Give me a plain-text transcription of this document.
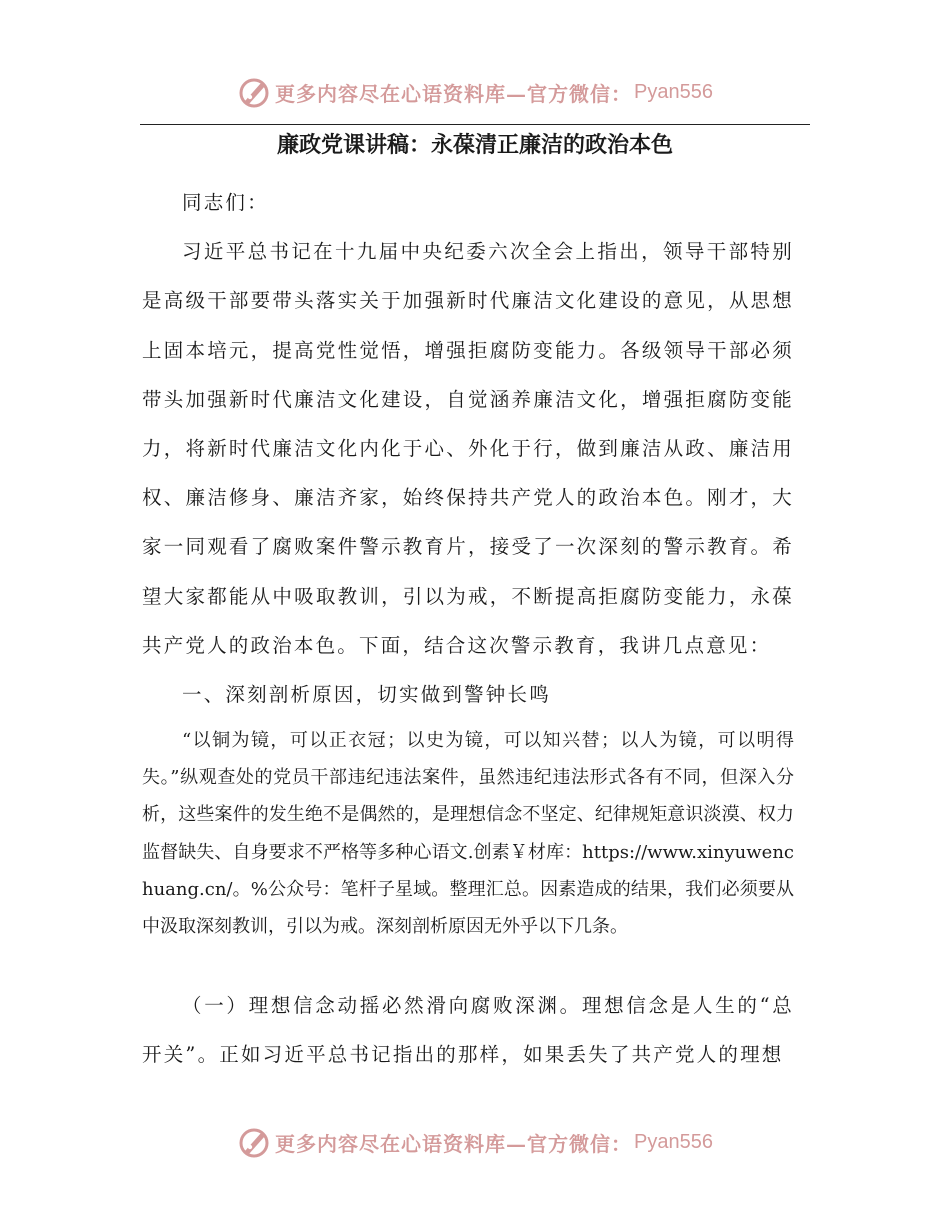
更多内容尽在心语资料库—官方微信： Pyan556
廉政党课讲稿：永葆清正廉洁的政治本色

同志们：

习近平总书记在十九届中央纪委六次全会上指出，领导干部特别是高级干部要带头落实关于加强新时代廉洁文化建设的意见，从思想上固本培元，提高党性觉悟，增强拒腐防变能力。各级领导干部必须带头加强新时代廉洁文化建设，自觉涵养廉洁文化，增强拒腐防变能力，将新时代廉洁文化内化于心、外化于行，做到廉洁从政、廉洁用权、廉洁修身、廉洁齐家，始终保持共产党人的政治本色。刚才，大家一同观看了腐败案件警示教育片，接受了一次深刻的警示教育。希望大家都能从中吸取教训，引以为戒，不断提高拒腐防变能力，永葆共产党人的政治本色。下面，结合这次警示教育，我讲几点意见：

一、深刻剖析原因，切实做到警钟长鸣

“以铜为镜，可以正衣冠；以史为镜，可以知兴替；以人为镜，可以明得失。”纵观查处的党员干部违纪违法案件，虽然违纪违法形式各有不同，但深入分析，这些案件的发生绝不是偶然的，是理想信念不坚定、纪律规矩意识淡漠、权力监督缺失、自身要求不严格等多种心语文.创素￥材库：https://www.xinyuwenchuang.cn/。%公众号：笔杆子星域。整理汇总。因素造成的结果，我们必须要从中汲取深刻教训，引以为戒。深刻剖析原因无外乎以下几条。

（一）理想信念动摇必然滑向腐败深渊。理想信念是人生的“总开关”。正如习近平总书记指出的那样，如果丢失了共产党人的理想

更多内容尽在心语资料库—官方微信： Pyan556
